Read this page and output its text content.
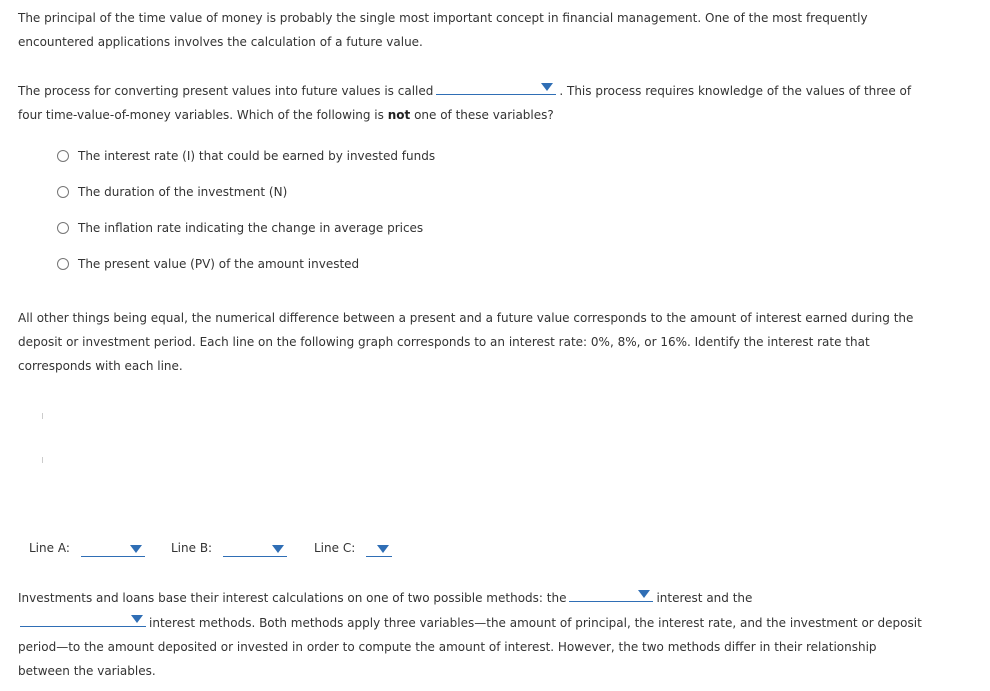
The principal of the time value of money is probably the single most important concept in financial management. One of the most frequently
encountered applications involves the calculation of a future value.
The process for converting present values into future values is called	. This process requires knowledge of the values of three of
four time-value-of-money variables. Which of the following is not one of these variables?
The interest rate (I) that could be earned by invested funds
The duration of the investment (N)
The inflation rate indicating the change in average prices
The present value (PV) of the amount invested
All other things being equal, the numerical difference between a present and a future value corresponds to the amount of interest earned during the
deposit or investment period. Each line on the following graph corresponds to an interest rate: 0%, 8%, or 16%. Identify the interest rate that
corresponds with each line.
Line A:	Line B:	Line C:
Investments and loans base their interest calculations on one of two possible methods: the	interest and the
interest methods. Both methods apply three variables—the amount of principal, the interest rate, and the investment or deposit
period—to the amount deposited or invested in order to compute the amount of interest. However, the two methods differ in their relationship
between the variables.
